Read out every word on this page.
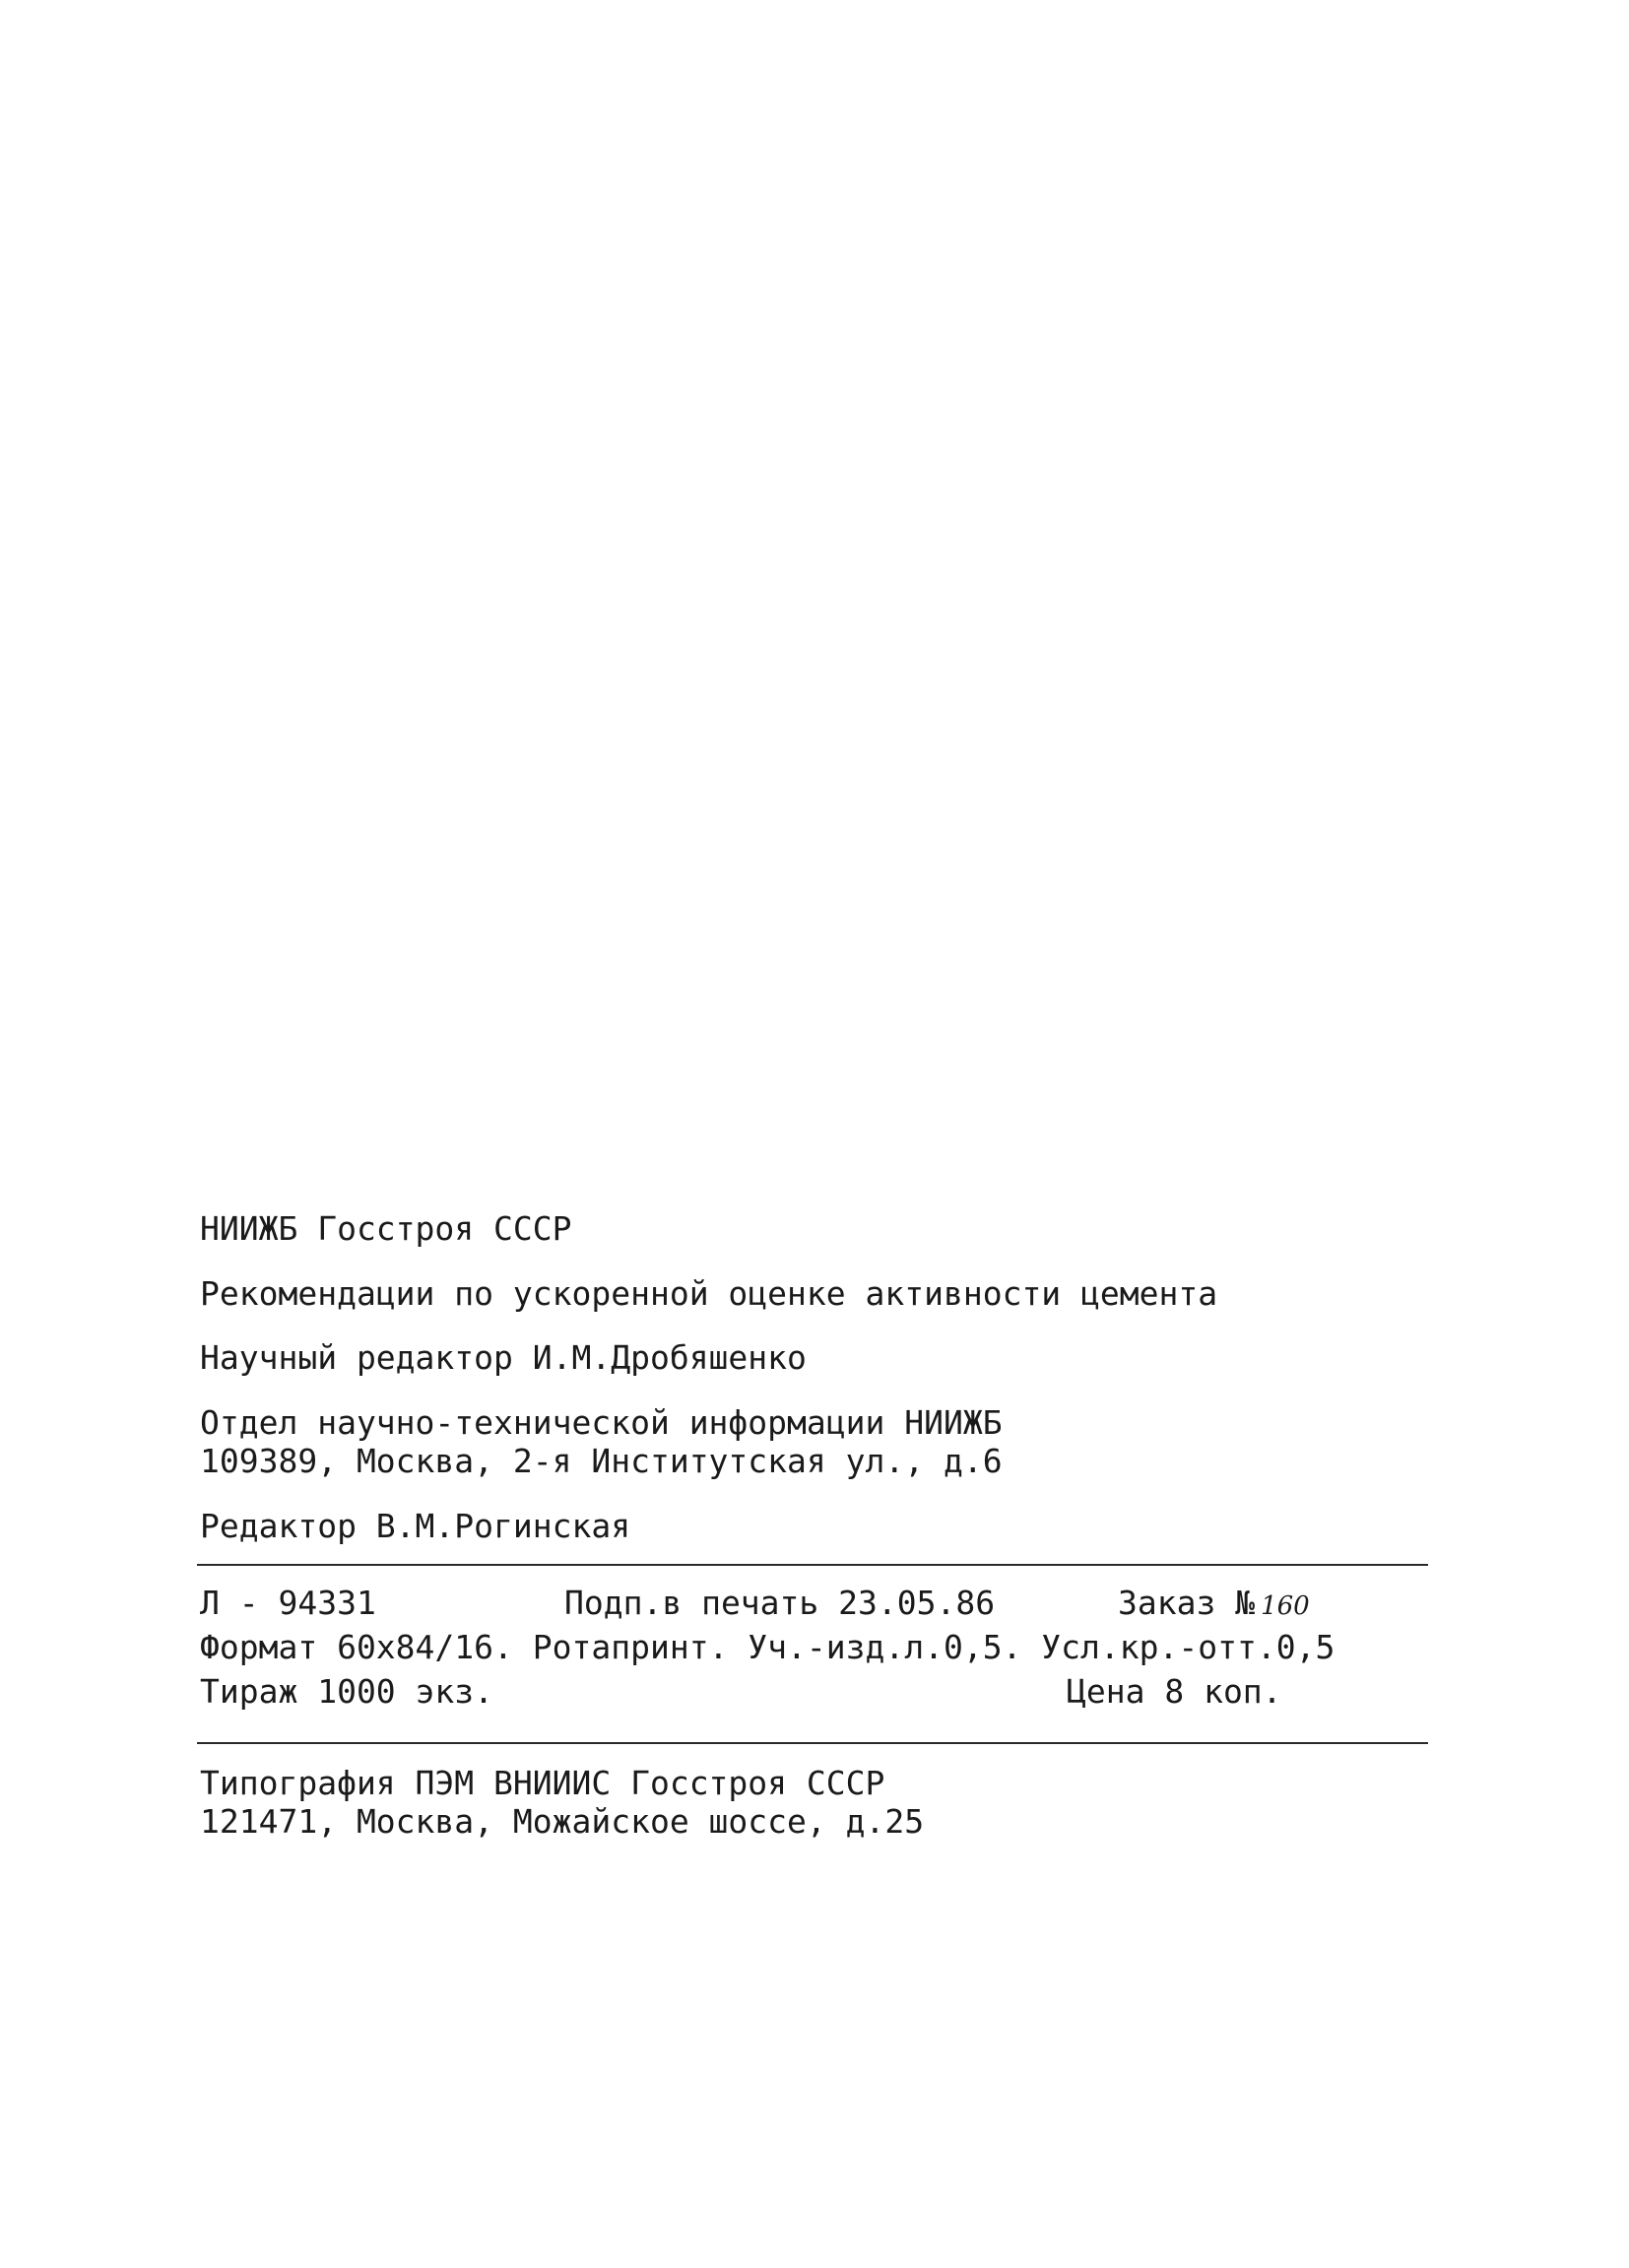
НИИЖБ Госстроя СССР
Рекомендации по ускоренной оценке активности цемента
Научный редактор И.М.Дробяшенко
Отдел научно-технической информации НИИЖБ
109389, Москва, 2-я Институтская ул., д.6
Редактор В.М.Рогинская
Л - 94331	Подп.в печать 23.05.86	Заказ № 160
Формат 60х84/16. Ротапринт. Уч.-изд.л.0,5. Усл.кр.-отт.0,5
Тираж 1000 экз.	Цена 8 коп.
Типография ПЭМ ВНИИИС Госстроя СССР
121471, Москва, Можайское шоссе, д.25
